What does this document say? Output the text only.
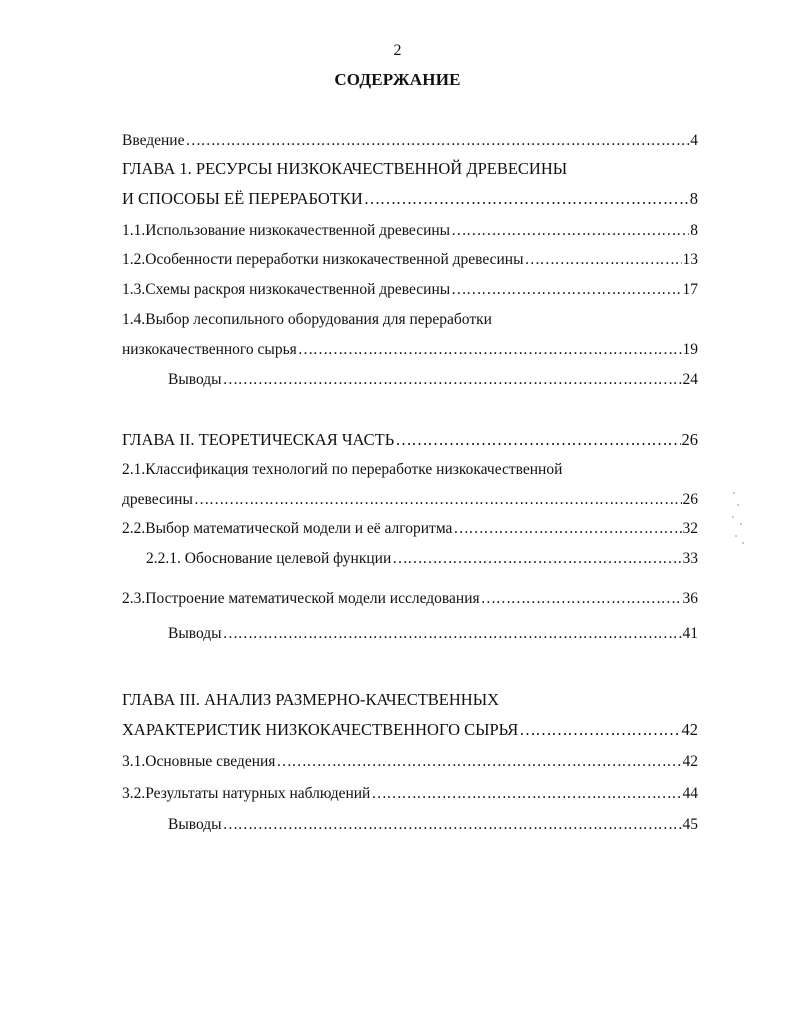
2
СОДЕРЖАНИЕ
Введение …………………………………………………………………………………………………………………………………………………………………………………………………………………………	.4
ГЛАВА 1. РЕСУРСЫ НИЗКОКАЧЕСТВЕННОЙ ДРЕВЕСИНЫ
И СПОСОБЫ ЕЁ ПЕРЕРАБОТКИ …………………………………………………………………………………………………………………………………………………………………………………………………………………………	8
1.1.Использование низкокачественной древесины …………………………………………………………………………………………………………………………………………………………………………………………………………………………	8
1.2.Особенности переработки низкокачественной древесины …………………………………………………………………………………………………………………………………………………………………………………………………………………………	13
1.3.Схемы раскроя низкокачественной древесины …………………………………………………………………………………………………………………………………………………………………………………………………………………………	17
1.4.Выбор лесопильного оборудования для переработки
низкокачественного сырья …………………………………………………………………………………………………………………………………………………………………………………………………………………………	19
Выводы …………………………………………………………………………………………………………………………………………………………………………………………………………………………	24
ГЛАВА II. ТЕОРЕТИЧЕСКАЯ ЧАСТЬ …………………………………………………………………………………………………………………………………………………………………………………………………………………………	26
2.1.Классификация технологий по переработке низкокачественной
древесины …………………………………………………………………………………………………………………………………………………………………………………………………………………………	26
2.2.Выбор математической модели и её алгоритма …………………………………………………………………………………………………………………………………………………………………………………………………………………………	32
2.2.1. Обоснование целевой функции …………………………………………………………………………………………………………………………………………………………………………………………………………………………	33
2.3.Построение математической модели исследования …………………………………………………………………………………………………………………………………………………………………………………………………………………………	36
Выводы …………………………………………………………………………………………………………………………………………………………………………………………………………………………	41
ГЛАВА III. АНАЛИЗ РАЗМЕРНО-КАЧЕСТВЕННЫХ
ХАРАКТЕРИСТИК НИЗКОКАЧЕСТВЕННОГО СЫРЬЯ …………………………………………………………………………………………………………………………………………………………………………………………………………………………	42
3.1.Основные сведения …………………………………………………………………………………………………………………………………………………………………………………………………………………………	42
3.2.Результаты натурных наблюдений …………………………………………………………………………………………………………………………………………………………………………………………………………………………	44
Выводы …………………………………………………………………………………………………………………………………………………………………………………………………………………………	45
